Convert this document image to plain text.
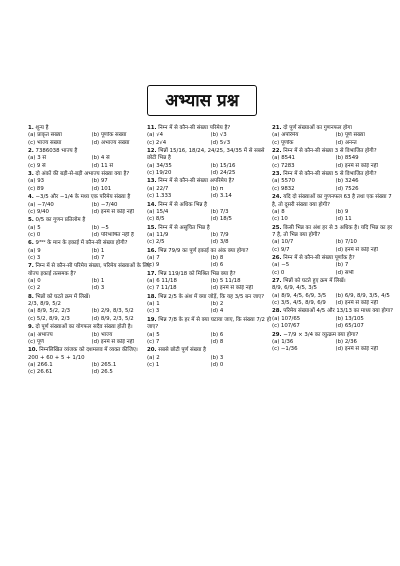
अभ्यास प्रश्न
1. शून्य है
(a) प्राकृत संख्या	(b) पूर्णांक संख्या
(c) भाज्य संख्या	(d) अभाज्य संख्या
2. 7386038 भाज्य है
(a) 3 से	(b) 4 से
(c) 9 से	(d) 11 से
3. दो अंकों की बड़ी-से-बड़ी अभाज्य संख्या क्या है?
(a) 93	(b) 97
(c) 89	(d) 101
4. −3/5 और −1/4 के मध्य एक परिमेय संख्या है
(a) −7/40	(b) −7/40
(c) 9/40	(d) इनमें से कोई नहीं
5. 0/5 का गुणन प्रतिलोम है
(a) 5	(b) −5
(c) 0	(d) परिभाषित नहीं है
6. 9³⁹⁹ के मान के इकाई में कौन-सी संख्या होगी?
(a) 9	(b) 1
(c) 3	(d) 7
7. निम्न में से कौन-सी परिमेय संख्या, परिमेय संख्याओं के लिए योज्य इकाई तत्समक है?
(a) 0	(b) 1
(c) 2	(d) 3
8. भिन्नों को घटते क्रम में लिखें।
2/3, 8/9, 5/2
(a) 8/9, 5/2, 2/3	(b) 2/9, 8/3, 5/2
(c) 5/2, 8/9, 2/3	(d) 8/9, 2/3, 5/2
9. दो पूर्ण संख्याओं का योगफल सदैव संख्या होती है।
(a) अभाज्य	(b) भाज्य
(c) पूर्ण	(d) इनमें से कोई नहीं
10. निम्नलिखित व्यंजक को दशमलव में व्यक्त कीजिए।
200 + 60 + 5 + 1/10
(a) 266.1	(b) 265.1
(c) 26.61	(d) 26.5
11. निम्न में से कौन-सी संख्या परिमेय है?
(a) √4	(b) √3
(c) 2√4	(d) 5√3
12. भिन्नों 15/16, 18/24, 24/25, 34/35 में से सबसे छोटी भिन्न है
(a) 34/35	(b) 15/16
(c) 19/20	(d) 24/25
13. निम्न में से कौन-सी संख्या अपरिमेय है?
(a) 22/7	(b) π
(c) 1.333	(d) 3.14
14. निम्न में से अधिक भिन्न है
(a) 15/4	(b) 7/3
(c) 8/5	(d) 18/5
15. निम्न में से असुचित भिन्न है
(a) 11/9	(b) 7/9
(c) 2/5	(d) 3/8
16. भिन्न 79/9 का पूर्ण इकाई का अंक क्या होगा?
(a) 7	(b) 8
(c) 9	(d) 6
17. भिन्न 119/18 को मिश्रित भिन्न क्या है?
(a) 6 11/18	(b) 5 11/18
(c) 7 11/18	(d) इनमें से कोई नहीं
18. भिन्न 2/5 के अंश में क्या जोड़ें, कि यह 3/5 बन जाए?
(a) 1	(b) 2
(c) 3	(d) 4
19. भिन्न 7/8 के हर में से क्या घटाया जाए, कि संख्या 7/2 हो जाए?
(a) 5	(b) 6
(c) 7	(d) 8
20. सबसे छोटी पूर्ण संख्या है
(a) 2	(b) 3
(c) 1	(d) 0
21. दो पूर्ण संख्याओं का गुणनफल होगा
(a) अपरिमेय	(b) पूर्ण संख्या
(c) पूर्णांक	(d) अनन्त
22. निम्न में से कौन-सी संख्या 3 से विभाजित होगी?
(a) 8541	(b) 8549
(c) 7283	(d) इनमें से कोई नहीं
23. निम्न में से कौन-सी संख्या 5 से विभाजित होगी?
(a) 5570	(b) 3246
(c) 9832	(d) 7526
24. यदि दो संख्याओं का गुणनफल 63 है तथा एक संख्या 7 है, तो दूसरी संख्या क्या होगी?
(a) 8	(b) 9
(c) 10	(d) 11
25. किसी भिन्न का अंश हर से 3 अधिक है। यदि भिन्न का हर 7 है, तो भिन्न क्या होगी?
(a) 10/7	(b) 7/10
(c) 9/7	(d) इनमें से कोई नहीं
26. निम्न में से कौन-सी संख्या पूर्णांक है?
(a) −5	(b) 7
(c) 0	(d) सभी
27. भिन्नों को घटते हुए क्रम में लिखें।
8/9, 6/9, 4/5, 3/5
(a) 8/9, 4/5, 6/9, 3/5	(b) 6/9, 8/9, 3/5, 4/5
(c) 3/5, 4/5, 8/9, 6/9	(d) इनमें से कोई नहीं
28. परिमेय संख्याओं 4/5 और 13/13 का माध्य क्या होगा?
(a) 107/65	(b) 13/105
(c) 107/67	(d) 65/107
29. −7/9 × 3/4 का व्युत्क्रम क्या होगा?
(a) 1/36	(b) 2/36
(c) −1/36	(d) इनमें से कोई नहीं
